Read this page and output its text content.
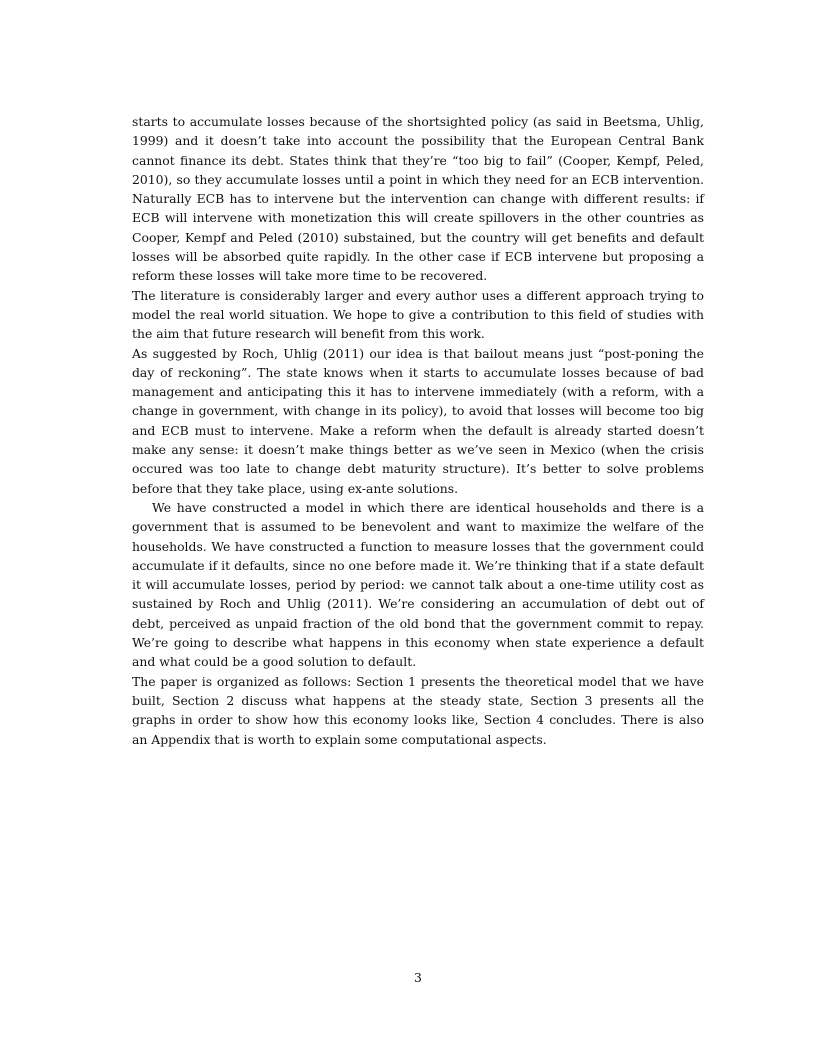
starts to accumulate losses because of the shortsighted policy (as said in Beetsma, Uhlig, 1999) and it doesn’t take into account the possibility that the European Central Bank cannot finance its debt. States think that they’re “too big to fail” (Cooper, Kempf, Peled, 2010), so they accumulate losses until a point in which they need for an ECB intervention. Naturally ECB has to intervene but the intervention can change with different results: if ECB will intervene with monetization this will create spillovers in the other countries as Cooper, Kempf and Peled (2010) substained, but the country will get benefits and default losses will be absorbed quite rapidly. In the other case if ECB intervene but proposing a reform these losses will take more time to be recovered.

The literature is considerably larger and every author uses a different approach trying to model the real world situation. We hope to give a contribution to this field of studies with the aim that future research will benefit from this work.

As suggested by Roch, Uhlig (2011) our idea is that bailout means just “post-poning the day of reckoning”. The state knows when it starts to accumulate losses because of bad management and anticipating this it has to intervene immediately (with a reform, with a change in government, with change in its policy), to avoid that losses will become too big and ECB must to intervene. Make a reform when the default is already started doesn’t make any sense: it doesn’t make things better as we’ve seen in Mexico (when the crisis occured was too late to change debt maturity structure). It’s better to solve problems before that they take place, using ex-ante solutions.

We have constructed a model in which there are identical households and there is a government that is assumed to be benevolent and want to maximize the welfare of the households. We have constructed a function to measure losses that the government could accumulate if it defaults, since no one before made it. We’re thinking that if a state default it will accumulate losses, period by period: we cannot talk about a one-time utility cost as sustained by Roch and Uhlig (2011). We’re considering an accumulation of debt out of debt, perceived as unpaid fraction of the old bond that the government commit to repay. We’re going to describe what happens in this economy when state experience a default and what could be a good solution to default.

The paper is organized as follows: Section 1 presents the theoretical model that we have built, Section 2 discuss what happens at the steady state, Section 3 presents all the graphs in order to show how this economy looks like, Section 4 concludes. There is also an Appendix that is worth to explain some computational aspects.

3
